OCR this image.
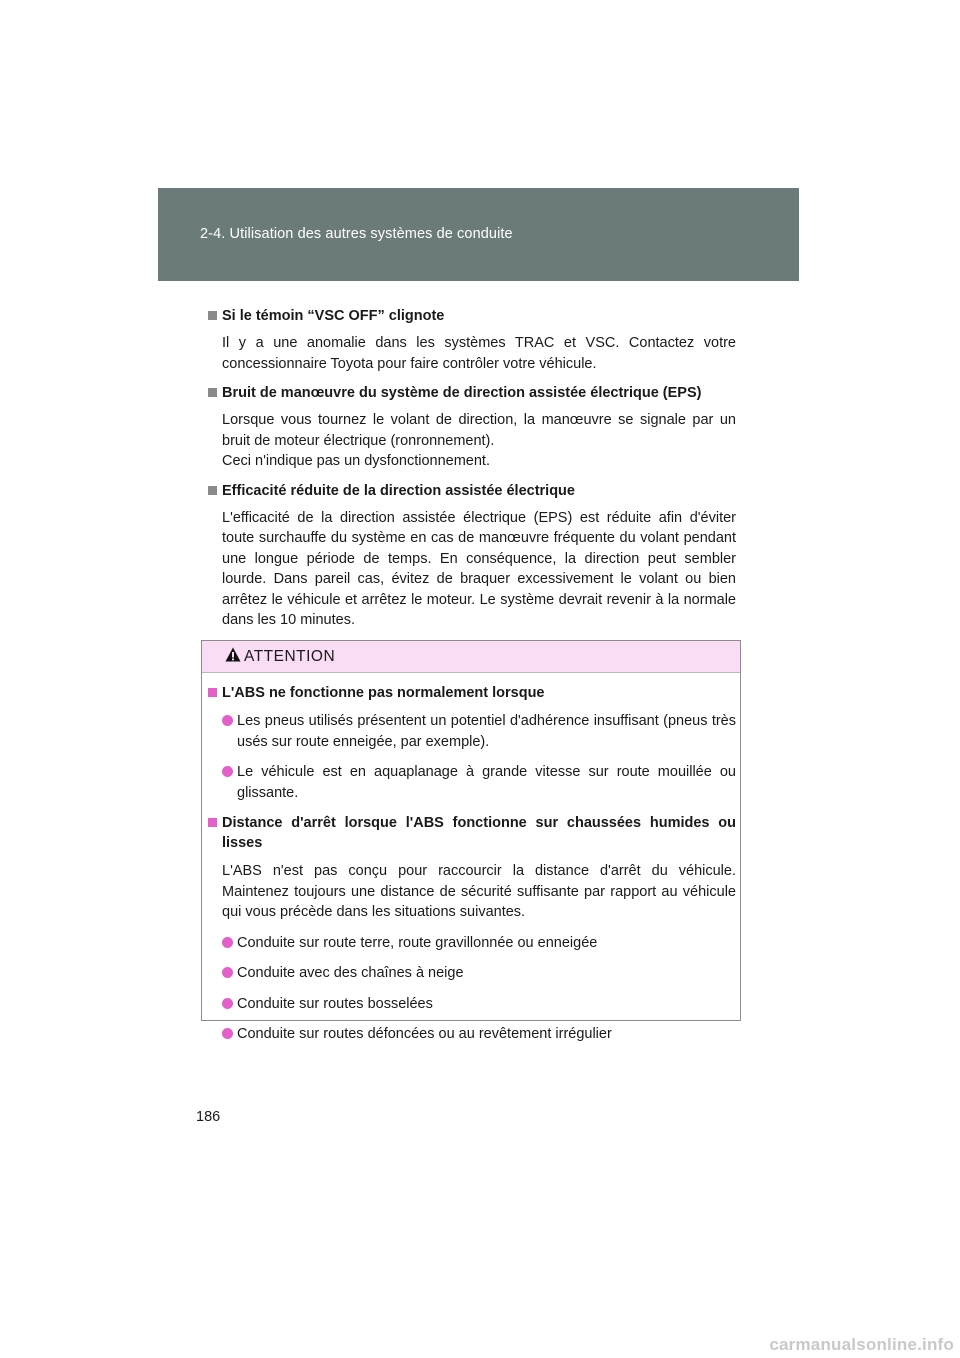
2-4. Utilisation des autres systèmes de conduite
Si le témoin “VSC OFF” clignote
Il y a une anomalie dans les systèmes TRAC et VSC. Contactez votre concessionnaire Toyota pour faire contrôler votre véhicule.
Bruit de manœuvre du système de direction assistée électrique (EPS)
Lorsque vous tournez le volant de direction, la manœuvre se signale par un bruit de moteur électrique (ronronnement).
Ceci n'indique pas un dysfonctionnement.
Efficacité réduite de la direction assistée électrique
L'efficacité de la direction assistée électrique (EPS) est réduite afin d'éviter toute surchauffe du système en cas de manœuvre fréquente du volant pendant une longue période de temps. En conséquence, la direction peut sembler lourde. Dans pareil cas, évitez de braquer excessivement le volant ou bien arrêtez le véhicule et arrêtez le moteur. Le système devrait revenir à la normale dans les 10 minutes.
ATTENTION
L'ABS ne fonctionne pas normalement lorsque
Les pneus utilisés présentent un potentiel d'adhérence insuffisant (pneus très usés sur route enneigée, par exemple).
Le véhicule est en aquaplanage à grande vitesse sur route mouillée ou glissante.
Distance d'arrêt lorsque l'ABS fonctionne sur chaussées humides ou lisses
L'ABS n'est pas conçu pour raccourcir la distance d'arrêt du véhicule. Maintenez toujours une distance de sécurité suffisante par rapport au véhicule qui vous précède dans les situations suivantes.
Conduite sur route terre, route gravillonnée ou enneigée
Conduite avec des chaînes à neige
Conduite sur routes bosselées
Conduite sur routes défoncées ou au revêtement irrégulier
186
carmanualsonline.info
